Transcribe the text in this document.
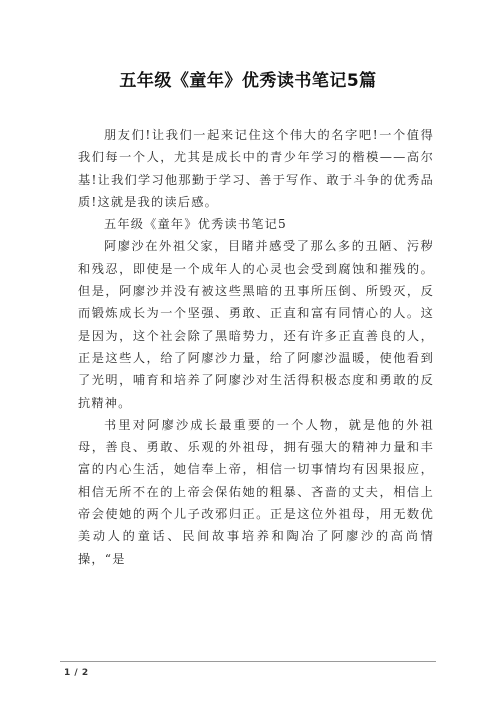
五年级《童年》优秀读书笔记5篇

朋友们!让我们一起来记住这个伟大的名字吧!一个值得我们每一个人，尤其是成长中的青少年学习的楷模——高尔基!让我们学习他那勤于学习、善于写作、敢于斗争的优秀品质!这就是我的读后感。

五年级《童年》优秀读书笔记5

阿廖沙在外祖父家，目睹并感受了那么多的丑陋、污秽和残忍，即使是一个成年人的心灵也会受到腐蚀和摧残的。但是，阿廖沙并没有被这些黑暗的丑事所压倒、所毁灭，反而锻炼成长为一个坚强、勇敢、正直和富有同情心的人。这是因为，这个社会除了黑暗势力，还有许多正直善良的人，正是这些人，给了阿廖沙力量，给了阿廖沙温暖，使他看到了光明，哺育和培养了阿廖沙对生活得积极态度和勇敢的反抗精神。

书里对阿廖沙成长最重要的一个人物，就是他的外祖母，善良、勇敢、乐观的外祖母，拥有强大的精神力量和丰富的内心生活，她信奉上帝，相信一切事情均有因果报应，相信无所不在的上帝会保佑她的粗暴、吝啬的丈夫，相信上帝会使她的两个儿子改邪归正。正是这位外祖母，用无数优美动人的童话、民间故事培养和陶冶了阿廖沙的高尚情操，“是

1 / 2
